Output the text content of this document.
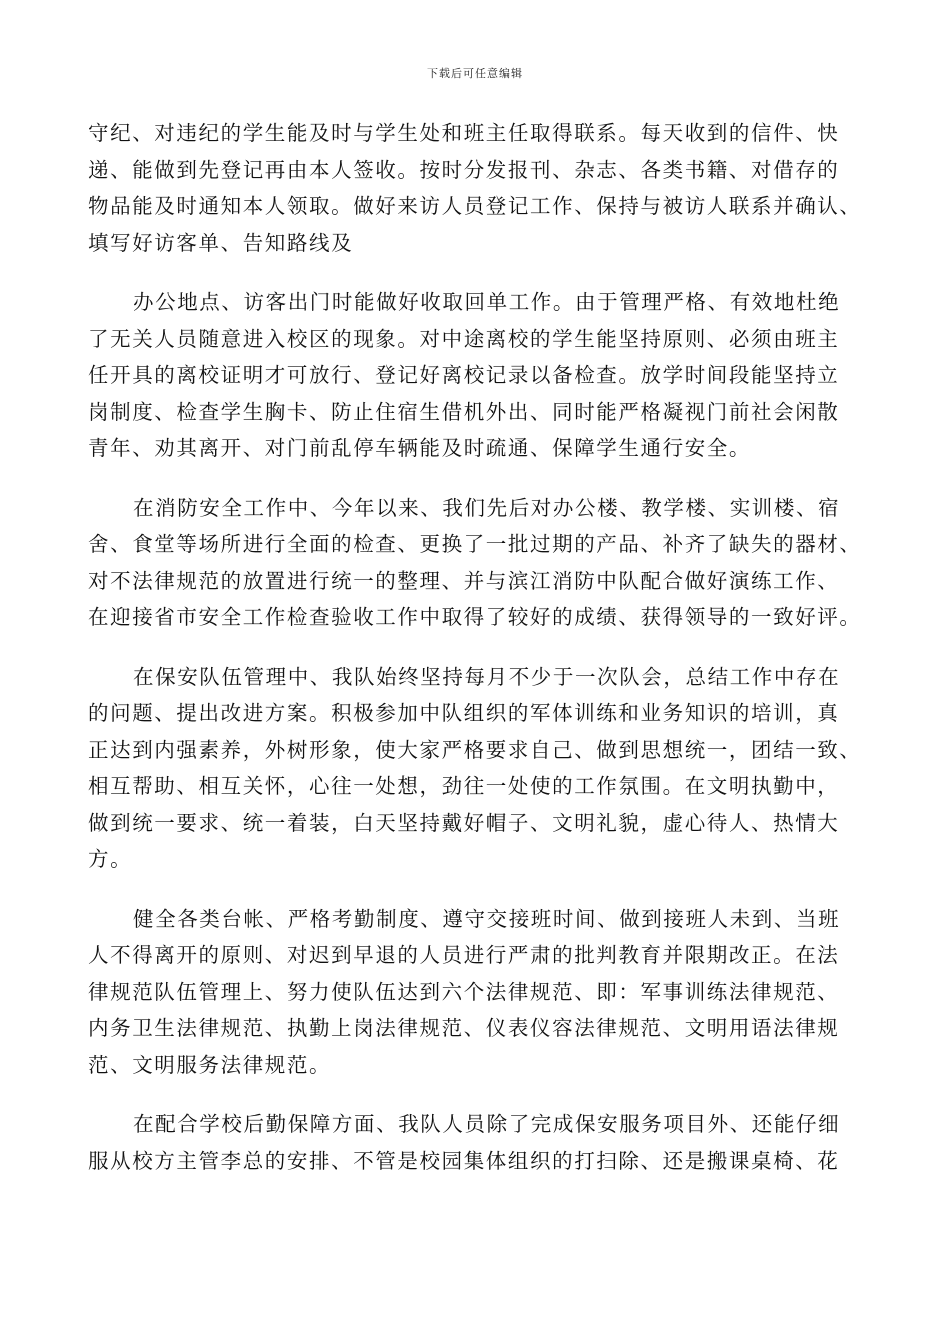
下载后可任意编辑

守纪、对违纪的学生能及时与学生处和班主任取得联系。每天收到的信件、快
递、能做到先登记再由本人签收。按时分发报刊、杂志、各类书籍、对借存的
物品能及时通知本人领取。做好来访人员登记工作、保持与被访人联系并确认、
填写好访客单、告知路线及

办公地点、访客出门时能做好收取回单工作。由于管理严格、有效地杜绝
了无关人员随意进入校区的现象。对中途离校的学生能坚持原则、必须由班主
任开具的离校证明才可放行、登记好离校记录以备检查。放学时间段能坚持立
岗制度、检查学生胸卡、防止住宿生借机外出、同时能严格凝视门前社会闲散
青年、劝其离开、对门前乱停车辆能及时疏通、保障学生通行安全。

在消防安全工作中、今年以来、我们先后对办公楼、教学楼、实训楼、宿
舍、食堂等场所进行全面的检查、更换了一批过期的产品、补齐了缺失的器材、
对不法律规范的放置进行统一的整理、并与滨江消防中队配合做好演练工作、
在迎接省市安全工作检查验收工作中取得了较好的成绩、获得领导的一致好评。

在保安队伍管理中、我队始终坚持每月不少于一次队会，总结工作中存在
的问题、提出改进方案。积极参加中队组织的军体训练和业务知识的培训，真
正达到内强素养，外树形象，使大家严格要求自己、做到思想统一，团结一致、
相互帮助、相互关怀，心往一处想，劲往一处使的工作氛围。在文明执勤中，
做到统一要求、统一着装，白天坚持戴好帽子、文明礼貌，虚心待人、热情大
方。

健全各类台帐、严格考勤制度、遵守交接班时间、做到接班人未到、当班
人不得离开的原则、对迟到早退的人员进行严肃的批判教育并限期改正。在法
律规范队伍管理上、努力使队伍达到六个法律规范、即：军事训练法律规范、
内务卫生法律规范、执勤上岗法律规范、仪表仪容法律规范、文明用语法律规
范、文明服务法律规范。

在配合学校后勤保障方面、我队人员除了完成保安服务项目外、还能仔细
服从校方主管李总的安排、不管是校园集体组织的打扫除、还是搬课桌椅、花
